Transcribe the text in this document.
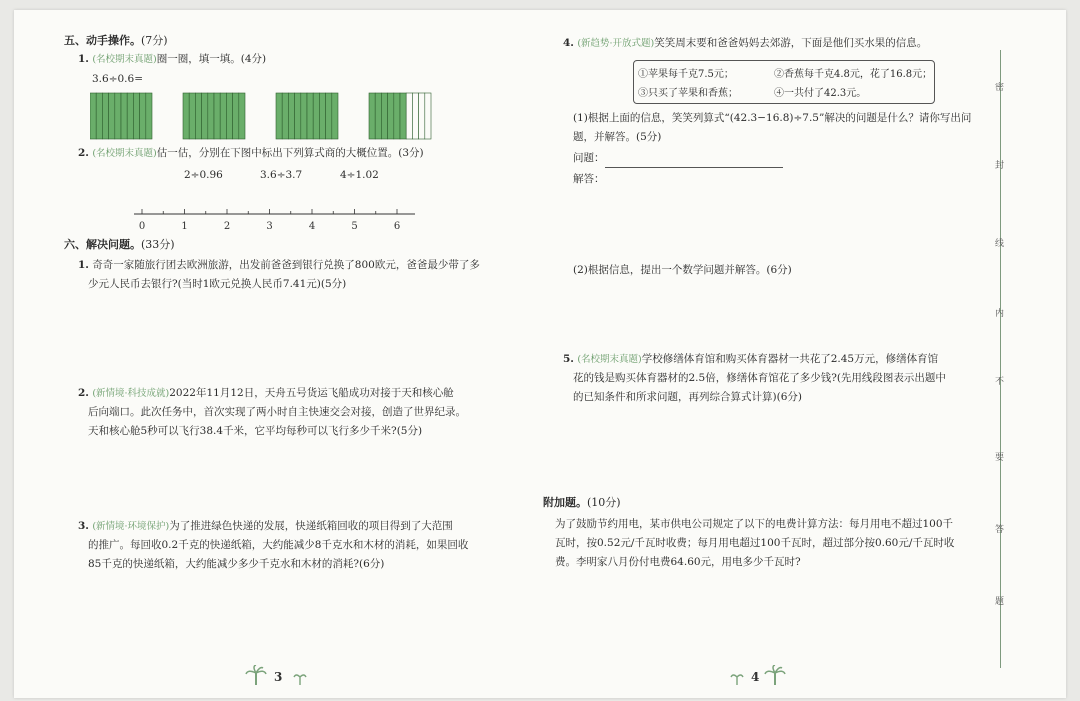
五、动手操作。(7分)
1. (名校期末真题)圈一圈，填一填。(4分)
3.6÷0.6=
2. (名校期末真题)估一估，分别在下图中标出下列算式商的大概位置。(3分)
2÷0.96	3.6÷3.7	4÷1.02
0	1	2	3	4	5	6
六、解决问题。(33分)
1. 奇奇一家随旅行团去欧洲旅游，出发前爸爸到银行兑换了800欧元，爸爸最少带了多
少元人民币去银行?(当时1欧元兑换人民币7.41元)(5分)
2. (新情境·科技成就)2022年11月12日，天舟五号货运飞船成功对接于天和核心舱
后向端口。此次任务中，首次实现了两小时自主快速交会对接，创造了世界纪录。
天和核心舱5秒可以飞行38.4千米，它平均每秒可以飞行多少千米?(5分)
3. (新情境·环境保护)为了推进绿色快递的发展，快递纸箱回收的项目得到了大范围
的推广。每回收0.2千克的快递纸箱，大约能减少8千克水和木材的消耗，如果回收
85千克的快递纸箱，大约能减少多少千克水和木材的消耗?(6分)
3
4. (新趋势·开放式题)笑笑周末要和爸爸妈妈去郊游，下面是他们买水果的信息。
①苹果每千克7.5元；	②香蕉每千克4.8元，花了16.8元；
③只买了苹果和香蕉；	④一共付了42.3元。
(1)根据上面的信息，笑笑列算式“(42.3−16.8)÷7.5”解决的问题是什么？请你写出问
题，并解答。(5分)
问题：
解答：
(2)根据信息，提出一个数学问题并解答。(6分)
5. (名校期末真题)学校修缮体育馆和购买体育器材一共花了2.45万元，修缮体育馆
花的钱是购买体育器材的2.5倍，修缮体育馆花了多少钱?(先用线段图表示出题中
的已知条件和所求问题，再列综合算式计算)(6分)
附加题。(10分)
为了鼓励节约用电，某市供电公司规定了以下的电费计算方法：每月用电不超过100千
瓦时，按0.52元/千瓦时收费；每月用电超过100千瓦时，超过部分按0.60元/千瓦时收
费。李明家八月份付电费64.60元，用电多少千瓦时?
4
密
封
线
内
不
要
答
题
